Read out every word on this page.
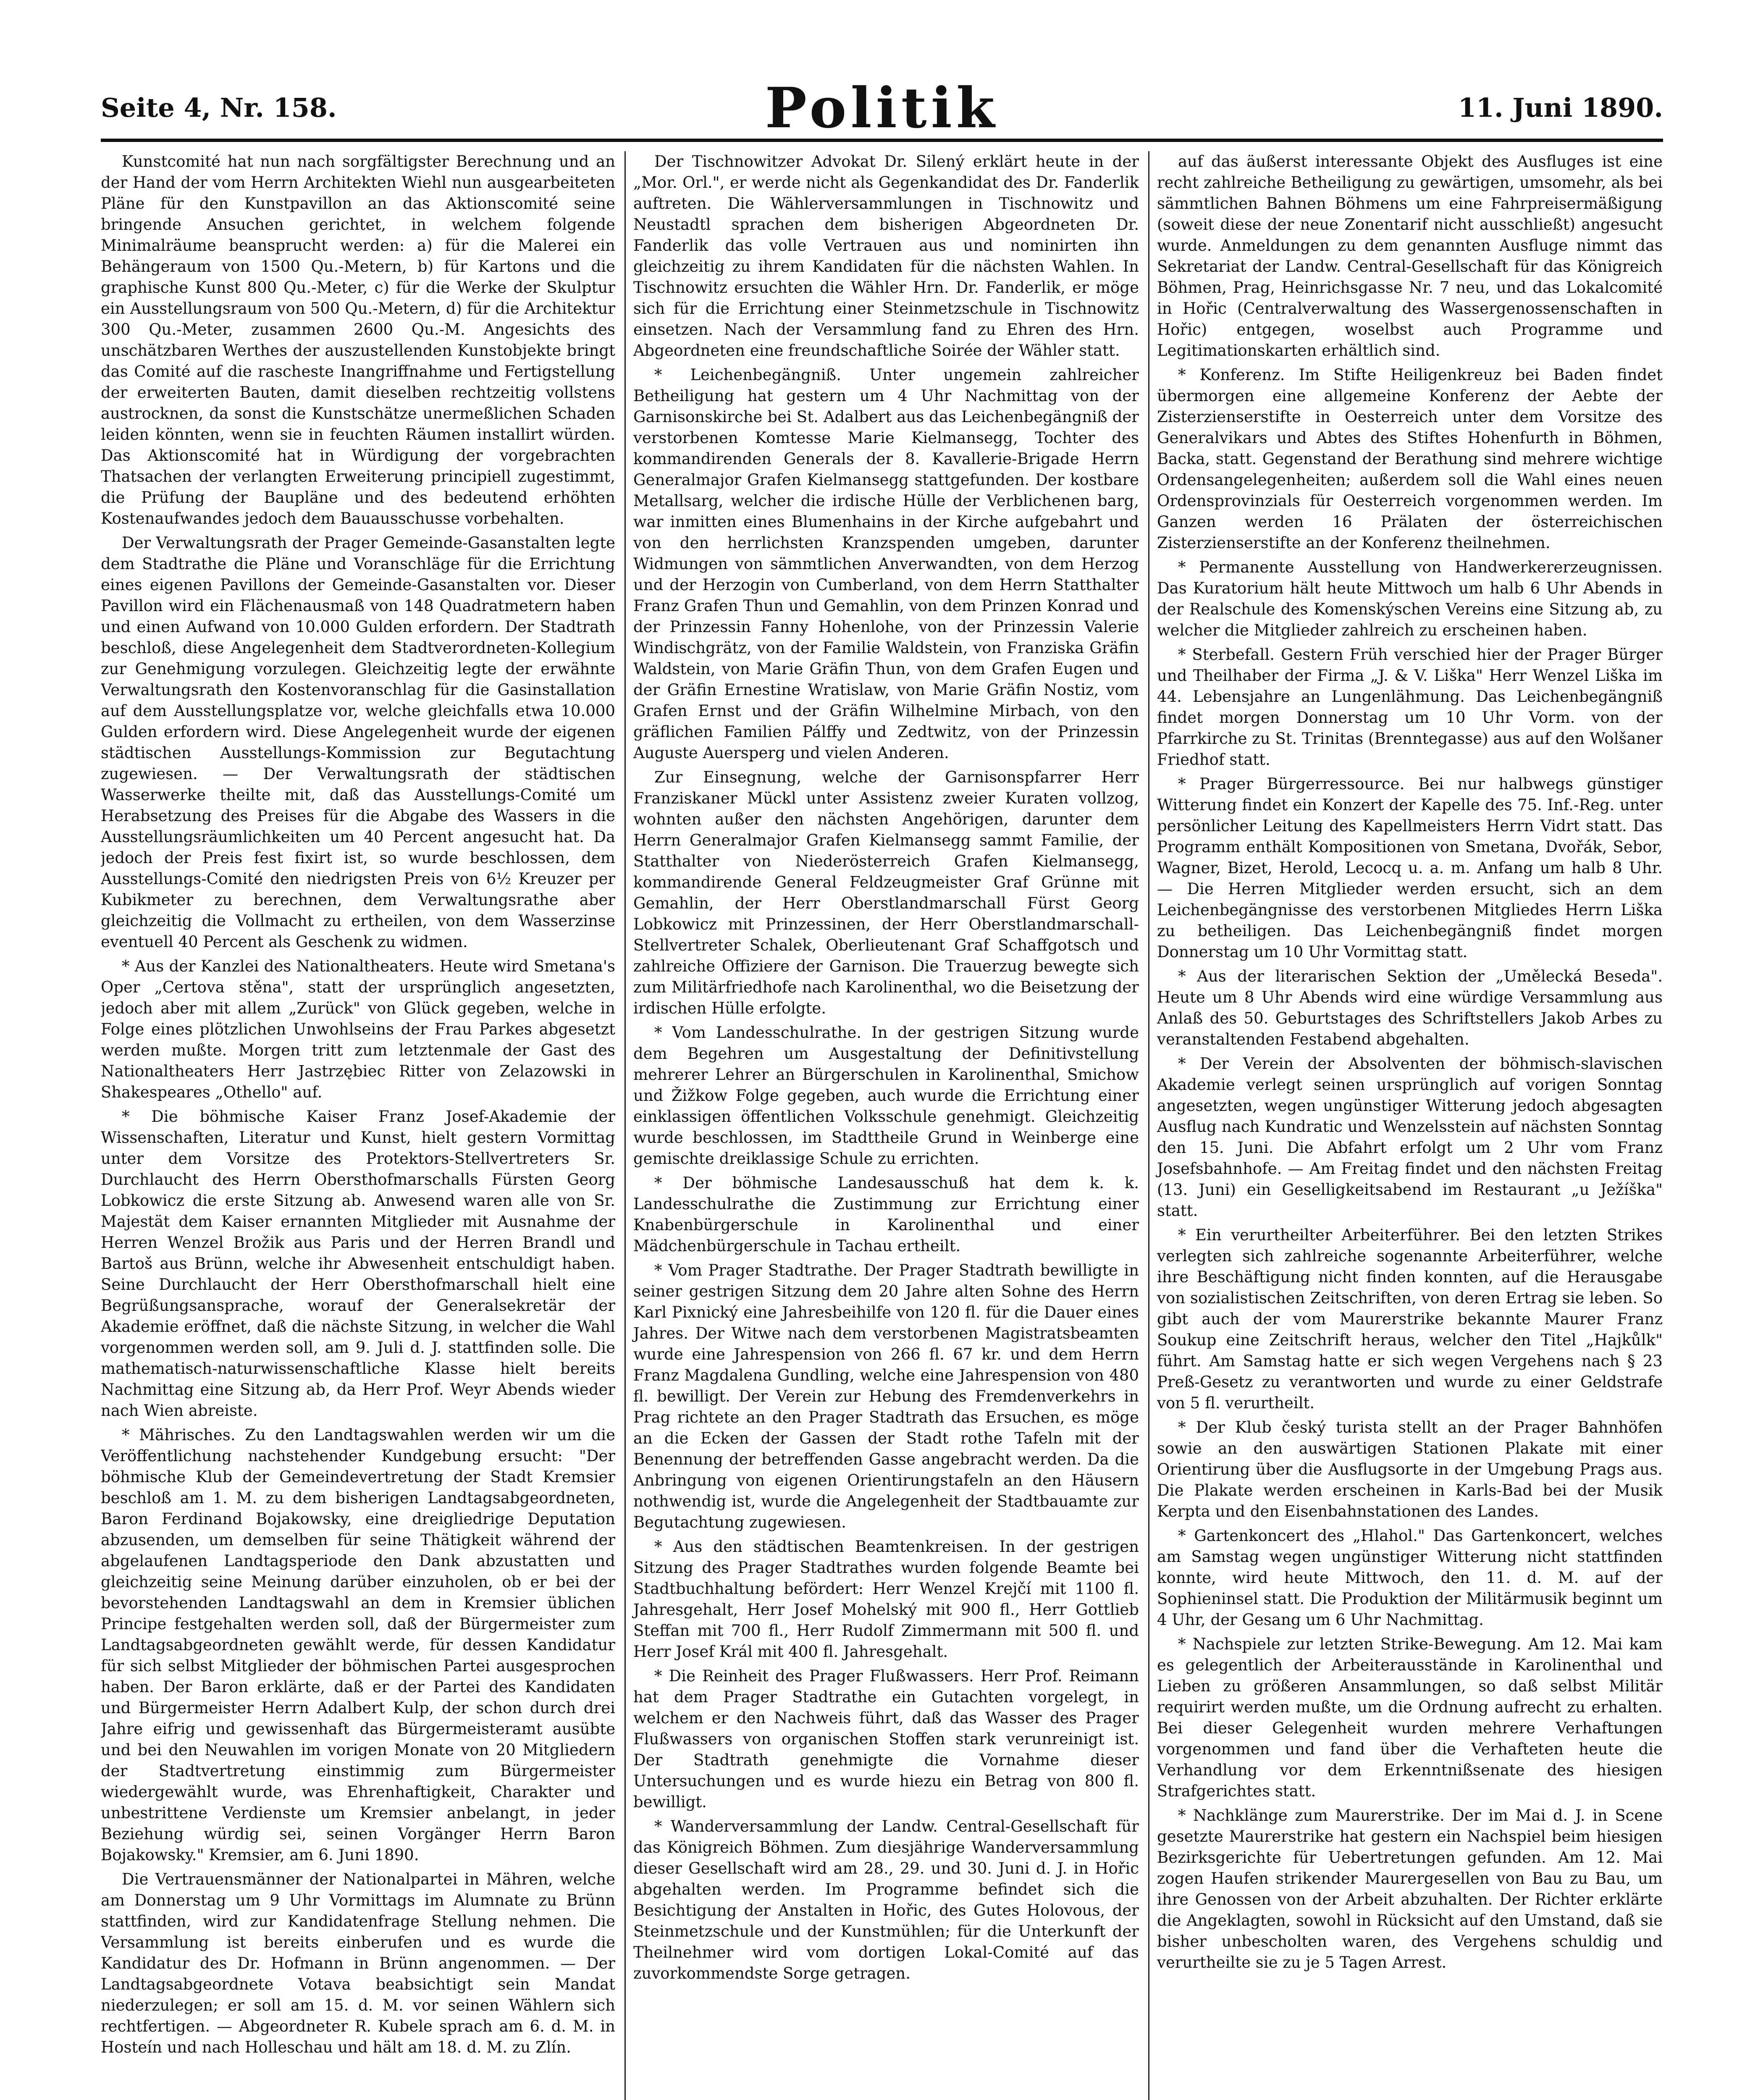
Seite 4, Nr. 158.	Politik	11. Juni 1890.

Kunstcomité hat nun nach sorgfältigster Berechnung und an der Hand der vom Herrn Architekten Wiehl nun ausgearbeiteten Pläne für den Kunstpavillon an das Aktionscomité seine bringende Ansuchen gerichtet, in welchem folgende Minimalräume beansprucht werden: a) für die Malerei ein Behängeraum von 1500 Qu.-Metern, b) für Kartons und die graphische Kunst 800 Qu.-Meter, c) für die Werke der Skulptur ein Ausstellungsraum von 500 Qu.-Metern, d) für die Architektur 300 Qu.-Meter, zusammen 2600 Qu.-M. Angesichts des unschätzbaren Werthes der auszustellenden Kunstobjekte bringt das Comité auf die rascheste Inangriffnahme und Fertigstellung der erweiterten Bauten, damit dieselben rechtzeitig vollstens austrocknen, da sonst die Kunstschätze unermeßlichen Schaden leiden könnten, wenn sie in feuchten Räumen installirt würden. Das Aktionscomité hat in Würdigung der vorgebrachten Thatsachen der verlangten Erweiterung principiell zugestimmt, die Prüfung der Baupläne und des bedeutend erhöhten Kostenaufwandes jedoch dem Bauausschusse vorbehalten.

Der Verwaltungsrath der Prager Gemeinde-Gasanstalten legte dem Stadtrathe die Pläne und Voranschläge für die Errichtung eines eigenen Pavillons der Gemeinde-Gasanstalten vor. Dieser Pavillon wird ein Flächenausmaß von 148 Quadratmetern haben und einen Aufwand von 10.000 Gulden erfordern. Der Stadtrath beschloß, diese Angelegenheit dem Stadtverordneten-Kollegium zur Genehmigung vorzulegen. Gleichzeitig legte der erwähnte Verwaltungsrath den Kostenvoranschlag für die Gasinstallation auf dem Ausstellungsplatze vor, welche gleichfalls etwa 10.000 Gulden erfordern wird. Diese Angelegenheit wurde der eigenen städtischen Ausstellungs-Kommission zur Begutachtung zugewiesen. — Der Verwaltungsrath der städtischen Wasserwerke theilte mit, daß das Ausstellungs-Comité um Herabsetzung des Preises für die Abgabe des Wassers in die Ausstellungsräumlichkeiten um 40 Percent angesucht hat. Da jedoch der Preis fest fixirt ist, so wurde beschlossen, dem Ausstellungs-Comité den niedrigsten Preis von 6½ Kreuzer per Kubikmeter zu berechnen, dem Verwaltungsrathe aber gleichzeitig die Vollmacht zu ertheilen, von dem Wasserzinse eventuell 40 Percent als Geschenk zu widmen.

* Aus der Kanzlei des Nationaltheaters. Heute wird Smetana's Oper „Certova stěna", statt der ursprünglich angesetzten, jedoch aber mit allem „Zurück" von Glück gegeben, welche in Folge eines plötzlichen Unwohlseins der Frau Parkes abgesetzt werden mußte. Morgen tritt zum letztenmale der Gast des Nationaltheaters Herr Jastrzębiec Ritter von Zelazowski in Shakespeares „Othello" auf.

* Die böhmische Kaiser Franz Josef-Akademie der Wissenschaften, Literatur und Kunst, hielt gestern Vormittag unter dem Vorsitze des Protektors-Stellvertreters Sr. Durchlaucht des Herrn Obersthofmarschalls Fürsten Georg Lobkowicz die erste Sitzung ab. Anwesend waren alle von Sr. Majestät dem Kaiser ernannten Mitglieder mit Ausnahme der Herren Wenzel Brožik aus Paris und der Herren Brandl und Bartoš aus Brünn, welche ihr Abwesenheit entschuldigt haben. Seine Durchlaucht der Herr Obersthofmarschall hielt eine Begrüßungsansprache, worauf der Generalsekretär der Akademie eröffnet, daß die nächste Sitzung, in welcher die Wahl vorgenommen werden soll, am 9. Juli d. J. stattfinden solle. Die mathematisch-naturwissenschaftliche Klasse hielt bereits Nachmittag eine Sitzung ab, da Herr Prof. Weyr Abends wieder nach Wien abreiste.

* Mährisches. Zu den Landtagswahlen werden wir um die Veröffentlichung nachstehender Kundgebung ersucht: "Der böhmische Klub der Gemeindevertretung der Stadt Kremsier beschloß am 1. M. zu dem bisherigen Landtagsabgeordneten, Baron Ferdinand Bojakowsky, eine dreigliedrige Deputation abzusenden, um demselben für seine Thätigkeit während der abgelaufenen Landtagsperiode den Dank abzustatten und gleichzeitig seine Meinung darüber einzuholen, ob er bei der bevorstehenden Landtagswahl an dem in Kremsier üblichen Principe festgehalten werden soll, daß der Bürgermeister zum Landtagsabgeordneten gewählt werde, für dessen Kandidatur für sich selbst Mitglieder der böhmischen Partei ausgesprochen haben. Der Baron erklärte, daß er der Partei des Kandidaten und Bürgermeister Herrn Adalbert Kulp, der schon durch drei Jahre eifrig und gewissenhaft das Bürgermeisteramt ausübte und bei den Neuwahlen im vorigen Monate von 20 Mitgliedern der Stadtvertretung einstimmig zum Bürgermeister wiedergewählt wurde, was Ehrenhaftigkeit, Charakter und unbestrittene Verdienste um Kremsier anbelangt, in jeder Beziehung würdig sei, seinen Vorgänger Herrn Baron Bojakowsky." Kremsier, am 6. Juni 1890.

Die Vertrauensmänner der Nationalpartei in Mähren, welche am Donnerstag um 9 Uhr Vormittags im Alumnate zu Brünn stattfinden, wird zur Kandidatenfrage Stellung nehmen. Die Versammlung ist bereits einberufen und es wurde die Kandidatur des Dr. Hofmann in Brünn angenommen. — Der Landtagsabgeordnete Votava beabsichtigt sein Mandat niederzulegen; er soll am 15. d. M. vor seinen Wählern sich rechtfertigen. — Abgeordneter R. Kubele sprach am 6. d. M. in Hosteín und nach Holleschau und hält am 18. d. M. zu Zlín.

Der Tischnowitzer Advokat Dr. Silený erklärt heute in der „Mor. Orl.", er werde nicht als Gegenkandidat des Dr. Fanderlik auftreten. Die Wählerversammlungen in Tischnowitz und Neustadtl sprachen dem bisherigen Abgeordneten Dr. Fanderlik das volle Vertrauen aus und nominirten ihn gleichzeitig zu ihrem Kandidaten für die nächsten Wahlen. In Tischnowitz ersuchten die Wähler Hrn. Dr. Fanderlik, er möge sich für die Errichtung einer Steinmetzschule in Tischnowitz einsetzen. Nach der Versammlung fand zu Ehren des Hrn. Abgeordneten eine freundschaftliche Soirée der Wähler statt.

* Leichenbegängniß. Unter ungemein zahlreicher Betheiligung hat gestern um 4 Uhr Nachmittag von der Garnisonskirche bei St. Adalbert aus das Leichenbegängniß der verstorbenen Komtesse Marie Kielmansegg, Tochter des kommandirenden Generals der 8. Kavallerie-Brigade Herrn Generalmajor Grafen Kielmansegg stattgefunden. Der kostbare Metallsarg, welcher die irdische Hülle der Verblichenen barg, war inmitten eines Blumenhains in der Kirche aufgebahrt und von den herrlichsten Kranzspenden umgeben, darunter Widmungen von sämmtlichen Anverwandten, von dem Herzog und der Herzogin von Cumberland, von dem Herrn Statthalter Franz Grafen Thun und Gemahlin, von dem Prinzen Konrad und der Prinzessin Fanny Hohenlohe, von der Prinzessin Valerie Windischgrätz, von der Familie Waldstein, von Franziska Gräfin Waldstein, von Marie Gräfin Thun, von dem Grafen Eugen und der Gräfin Ernestine Wratislaw, von Marie Gräfin Nostiz, vom Grafen Ernst und der Gräfin Wilhelmine Mirbach, von den gräflichen Familien Pálffy und Zedtwitz, von der Prinzessin Auguste Auersperg und vielen Anderen.

Zur Einsegnung, welche der Garnisonspfarrer Herr Franziskaner Mückl unter Assistenz zweier Kuraten vollzog, wohnten außer den nächsten Angehörigen, darunter dem Herrn Generalmajor Grafen Kielmansegg sammt Familie, der Statthalter von Niederösterreich Grafen Kielmansegg, kommandirende General Feldzeugmeister Graf Grünne mit Gemahlin, der Herr Oberstlandmarschall Fürst Georg Lobkowicz mit Prinzessinen, der Herr Oberstlandmarschall-Stellvertreter Schalek, Oberlieutenant Graf Schaffgotsch und zahlreiche Offiziere der Garnison. Die Trauerzug bewegte sich zum Militärfriedhofe nach Karolinenthal, wo die Beisetzung der irdischen Hülle erfolgte.

* Vom Landesschulrathe. In der gestrigen Sitzung wurde dem Begehren um Ausgestaltung der Definitivstellung mehrerer Lehrer an Bürgerschulen in Karolinenthal, Smichow und Žižkow Folge gegeben, auch wurde die Errichtung einer einklassigen öffentlichen Volksschule genehmigt. Gleichzeitig wurde beschlossen, im Stadttheile Grund in Weinberge eine gemischte dreiklassige Schule zu errichten.

* Der böhmische Landesausschuß hat dem k. k. Landesschulrathe die Zustimmung zur Errichtung einer Knabenbürgerschule in Karolinenthal und einer Mädchenbürgerschule in Tachau ertheilt.

* Vom Prager Stadtrathe. Der Prager Stadtrath bewilligte in seiner gestrigen Sitzung dem 20 Jahre alten Sohne des Herrn Karl Pixnický eine Jahresbeihilfe von 120 fl. für die Dauer eines Jahres. Der Witwe nach dem verstorbenen Magistratsbeamten wurde eine Jahrespension von 266 fl. 67 kr. und dem Herrn Franz Magdalena Gundling, welche eine Jahrespension von 480 fl. bewilligt. Der Verein zur Hebung des Fremdenverkehrs in Prag richtete an den Prager Stadtrath das Ersuchen, es möge an die Ecken der Gassen der Stadt rothe Tafeln mit der Benennung der betreffenden Gasse angebracht werden. Da die Anbringung von eigenen Orientirungstafeln an den Häusern nothwendig ist, wurde die Angelegenheit der Stadtbauamte zur Begutachtung zugewiesen.

* Aus den städtischen Beamtenkreisen. In der gestrigen Sitzung des Prager Stadtrathes wurden folgende Beamte bei Stadtbuchhaltung befördert: Herr Wenzel Krejčí mit 1100 fl. Jahresgehalt, Herr Josef Mohelský mit 900 fl., Herr Gottlieb Steffan mit 700 fl., Herr Rudolf Zimmermann mit 500 fl. und Herr Josef Král mit 400 fl. Jahresgehalt.

* Die Reinheit des Prager Flußwassers. Herr Prof. Reimann hat dem Prager Stadtrathe ein Gutachten vorgelegt, in welchem er den Nachweis führt, daß das Wasser des Prager Flußwassers von organischen Stoffen stark verunreinigt ist. Der Stadtrath genehmigte die Vornahme dieser Untersuchungen und es wurde hiezu ein Betrag von 800 fl. bewilligt.

* Wanderversammlung der Landw. Central-Gesellschaft für das Königreich Böhmen. Zum diesjährige Wanderversammlung dieser Gesellschaft wird am 28., 29. und 30. Juni d. J. in Hořic abgehalten werden. Im Programme befindet sich die Besichtigung der Anstalten in Hořic, des Gutes Holovous, der Steinmetzschule und der Kunstmühlen; für die Unterkunft der Theilnehmer wird vom dortigen Lokal-Comité auf das zuvorkommendste Sorge getragen.

auf das äußerst interessante Objekt des Ausfluges ist eine recht zahlreiche Betheiligung zu gewärtigen, umsomehr, als bei sämmtlichen Bahnen Böhmens um eine Fahrpreisermäßigung (soweit diese der neue Zonentarif nicht ausschließt) angesucht wurde. Anmeldungen zu dem genannten Ausfluge nimmt das Sekretariat der Landw. Central-Gesellschaft für das Königreich Böhmen, Prag, Heinrichsgasse Nr. 7 neu, und das Lokalcomité in Hořic (Centralverwaltung des Wassergenossenschaften in Hořic) entgegen, woselbst auch Programme und Legitimationskarten erhältlich sind.

* Konferenz. Im Stifte Heiligenkreuz bei Baden findet übermorgen eine allgemeine Konferenz der Aebte der Zisterzienserstifte in Oesterreich unter dem Vorsitze des Generalvikars und Abtes des Stiftes Hohenfurth in Böhmen, Backa, statt. Gegenstand der Berathung sind mehrere wichtige Ordensangelegenheiten; außerdem soll die Wahl eines neuen Ordensprovinzials für Oesterreich vorgenommen werden. Im Ganzen werden 16 Prälaten der österreichischen Zisterzienserstifte an der Konferenz theilnehmen.

* Permanente Ausstellung von Handwerkererzeugnissen. Das Kuratorium hält heute Mittwoch um halb 6 Uhr Abends in der Realschule des Komenskýschen Vereins eine Sitzung ab, zu welcher die Mitglieder zahlreich zu erscheinen haben.

* Sterbefall. Gestern Früh verschied hier der Prager Bürger und Theilhaber der Firma „J. & V. Liška" Herr Wenzel Liška im 44. Lebensjahre an Lungenlähmung. Das Leichenbegängniß findet morgen Donnerstag um 10 Uhr Vorm. von der Pfarrkirche zu St. Trinitas (Brenntegasse) aus auf den Wolšaner Friedhof statt.

* Prager Bürgerressource. Bei nur halbwegs günstiger Witterung findet ein Konzert der Kapelle des 75. Inf.-Reg. unter persönlicher Leitung des Kapellmeisters Herrn Vidrt statt. Das Programm enthält Kompositionen von Smetana, Dvořák, Sebor, Wagner, Bizet, Herold, Lecocq u. a. m. Anfang um halb 8 Uhr. — Die Herren Mitglieder werden ersucht, sich an dem Leichenbegängnisse des verstorbenen Mitgliedes Herrn Liška zu betheiligen. Das Leichenbegängniß findet morgen Donnerstag um 10 Uhr Vormittag statt.

* Aus der literarischen Sektion der „Umělecká Beseda". Heute um 8 Uhr Abends wird eine würdige Versammlung aus Anlaß des 50. Geburtstages des Schriftstellers Jakob Arbes zu veranstaltenden Festabend abgehalten.

* Der Verein der Absolventen der böhmisch-slavischen Akademie verlegt seinen ursprünglich auf vorigen Sonntag angesetzten, wegen ungünstiger Witterung jedoch abgesagten Ausflug nach Kundratic und Wenzelsstein auf nächsten Sonntag den 15. Juni. Die Abfahrt erfolgt um 2 Uhr vom Franz Josefsbahnhofe. — Am Freitag findet und den nächsten Freitag (13. Juni) ein Geselligkeitsabend im Restaurant „u Ježíška" statt.

* Ein verurtheilter Arbeiterführer. Bei den letzten Strikes verlegten sich zahlreiche sogenannte Arbeiterführer, welche ihre Beschäftigung nicht finden konnten, auf die Herausgabe von sozialistischen Zeitschriften, von deren Ertrag sie leben. So gibt auch der vom Maurerstrike bekannte Maurer Franz Soukup eine Zeitschrift heraus, welcher den Titel „Hajkůlk" führt. Am Samstag hatte er sich wegen Vergehens nach § 23 Preß-Gesetz zu verantworten und wurde zu einer Geldstrafe von 5 fl. verurtheilt.

* Der Klub český turista stellt an der Prager Bahnhöfen sowie an den auswärtigen Stationen Plakate mit einer Orientirung über die Ausflugsorte in der Umgebung Prags aus. Die Plakate werden erscheinen in Karls-Bad bei der Musik Kerpta und den Eisenbahnstationen des Landes.

* Gartenkoncert des „Hlahol." Das Gartenkoncert, welches am Samstag wegen ungünstiger Witterung nicht stattfinden konnte, wird heute Mittwoch, den 11. d. M. auf der Sophieninsel statt. Die Produktion der Militärmusik beginnt um 4 Uhr, der Gesang um 6 Uhr Nachmittag.

* Nachspiele zur letzten Strike-Bewegung. Am 12. Mai kam es gelegentlich der Arbeiterausstände in Karolinenthal und Lieben zu größeren Ansammlungen, so daß selbst Militär requirirt werden mußte, um die Ordnung aufrecht zu erhalten. Bei dieser Gelegenheit wurden mehrere Verhaftungen vorgenommen und fand über die Verhafteten heute die Verhandlung vor dem Erkenntnißsenate des hiesigen Strafgerichtes statt.

* Nachklänge zum Maurerstrike. Der im Mai d. J. in Scene gesetzte Maurerstrike hat gestern ein Nachspiel beim hiesigen Bezirksgerichte für Uebertretungen gefunden. Am 12. Mai zogen Haufen strikender Maurergesellen von Bau zu Bau, um ihre Genossen von der Arbeit abzuhalten. Der Richter erklärte die Angeklagten, sowohl in Rücksicht auf den Umstand, daß sie bisher unbescholten waren, des Vergehens schuldig und verurtheilte sie zu je 5 Tagen Arrest.
